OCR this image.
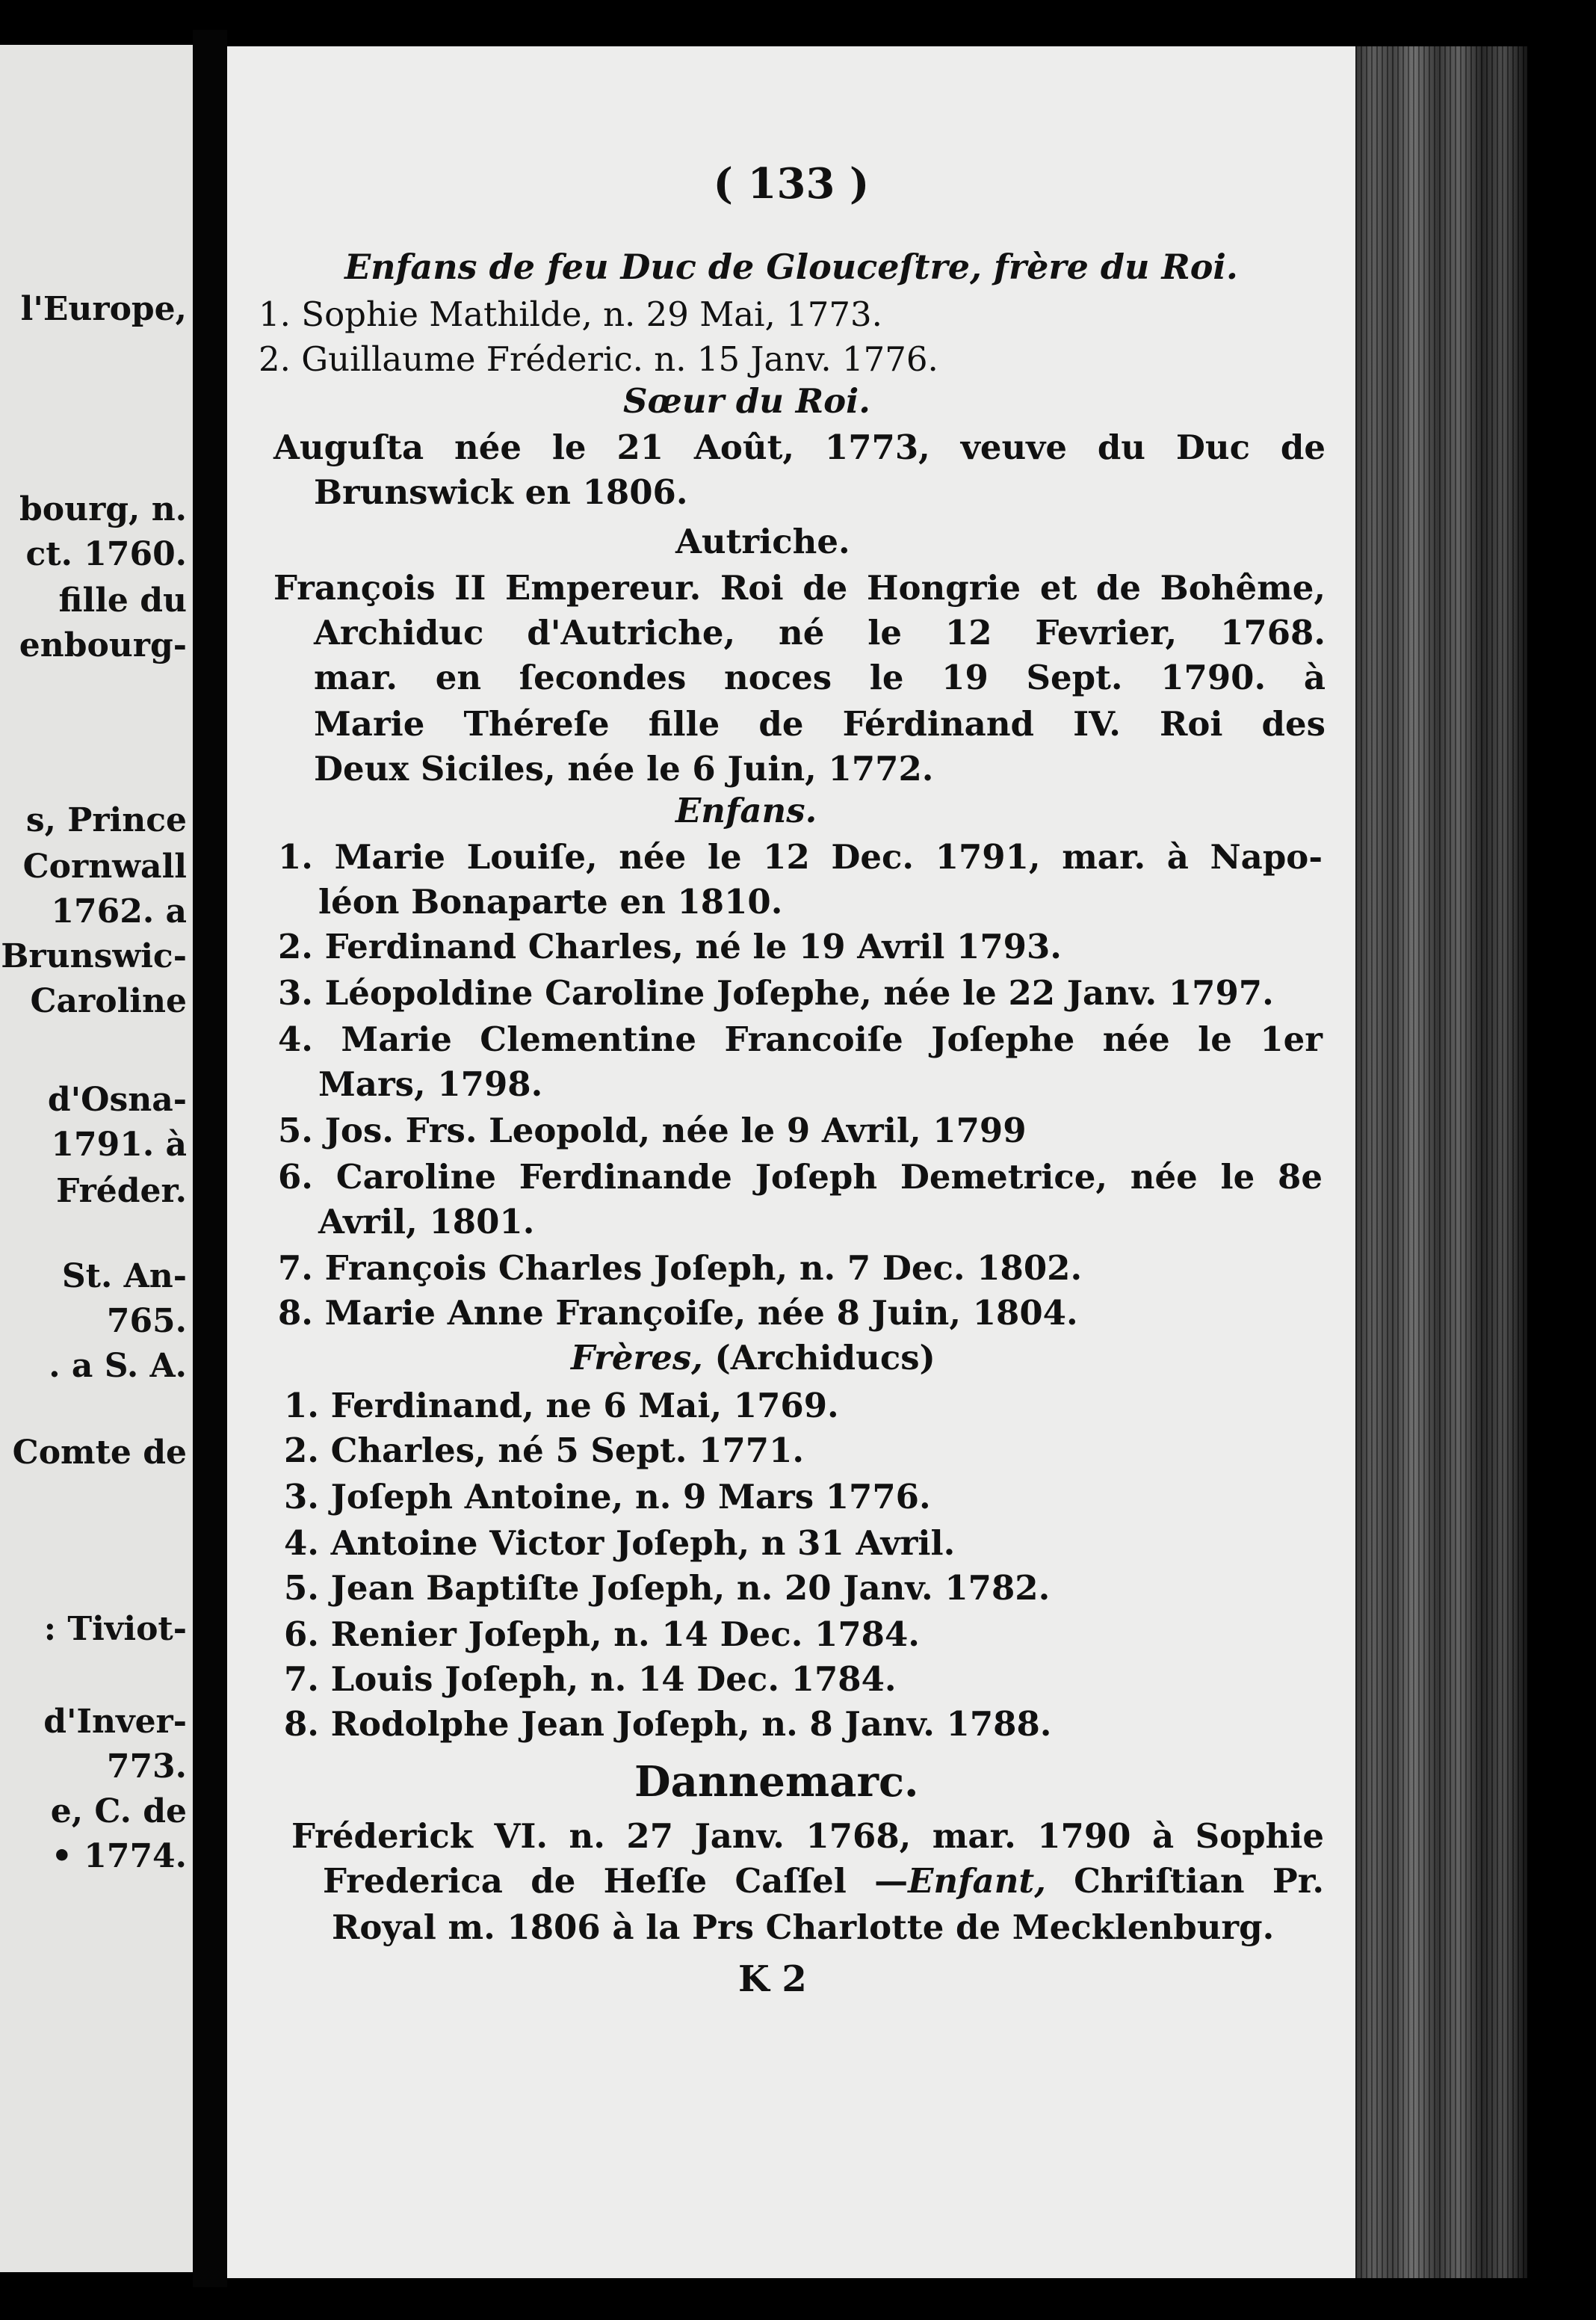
l'Europe,
bourg, n.
ct. 1760.
fille du
enbourg-
s, Prince
Cornwall
1762. a
Brunswic-
Caroline
d'Osna-
1791. à
Fréder.
St. An-
765.
. a S. A.
Comte de
: Tiviot-
d'Inver-
773.
e, C. de
• 1774.
( 133 )
Enfans de feu Duc de Glouceſtre, frère du Roi.
1. Sophie Mathilde, n. 29 Mai, 1773.
2. Guillaume Fréderic. n. 15 Janv. 1776.
Sœur du Roi.
Auguſta née le 21 Août, 1773, veuve du Duc de
Brunswick en 1806.
Autriche.
François II Empereur. Roi de Hongrie et de Bohême,
Archiduc d'Autriche, né le 12 Fevrier, 1768.
mar. en ſecondes noces le 19 Sept. 1790. à
Marie Théreſe fille de Férdinand IV. Roi des
Deux Siciles, née le 6 Juin, 1772.
Enfans.
1. Marie Louiſe, née le 12 Dec. 1791, mar. à Napo-
léon Bonaparte en 1810.
2. Ferdinand Charles, né le 19 Avril 1793.
3. Léopoldine Caroline Joſephe, née le 22 Janv. 1797.
4. Marie Clementine Francoiſe Joſephe née le 1er
Mars, 1798.
5. Jos. Frs. Leopold, née le 9 Avril, 1799
6. Caroline Ferdinande Joſeph Demetrice, née le 8e
Avril, 1801.
7. François Charles Joſeph, n. 7 Dec. 1802.
8. Marie Anne Françoiſe, née 8 Juin, 1804.
Frères, (Archiducs)
1. Ferdinand, ne 6 Mai, 1769.
2. Charles, né 5 Sept. 1771.
3. Joſeph Antoine, n. 9 Mars 1776.
4. Antoine Victor Joſeph, n 31 Avril.
5. Jean Baptiſte Joſeph, n. 20 Janv. 1782.
6. Renier Joſeph, n. 14 Dec. 1784.
7. Louis Joſeph, n. 14 Dec. 1784.
8. Rodolphe Jean Joſeph, n. 8 Janv. 1788.
Dannemarc.
Fréderick VI. n. 27 Janv. 1768, mar. 1790 à Sophie
Frederica de Heſſe Caſſel —Enfant, Chriſtian Pr.
Royal m. 1806 à la Prs Charlotte de Mecklenburg.
K 2
